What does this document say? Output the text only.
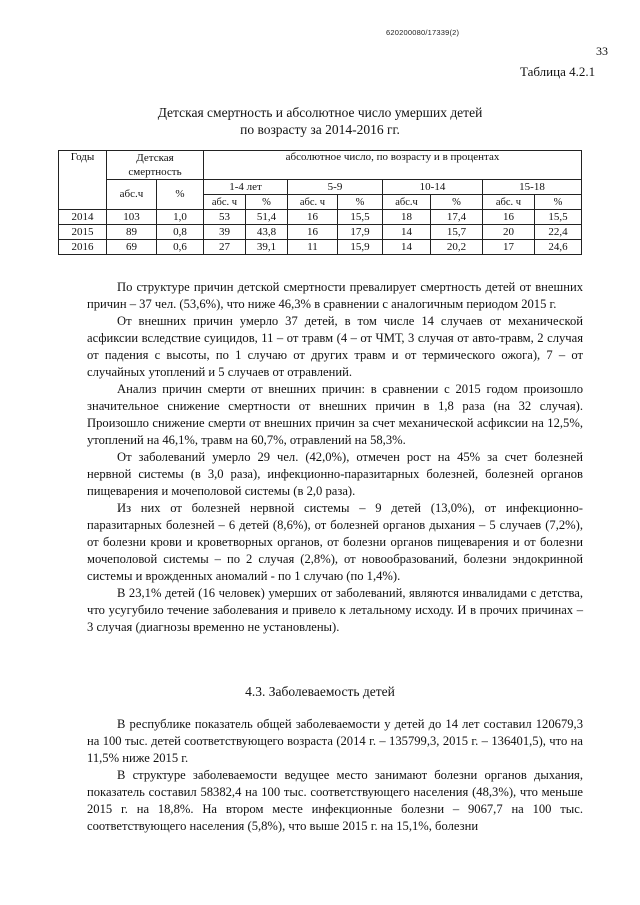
620200080/17339(2)
33
Таблица 4.2.1
Детская смертность и абсолютное число умерших детей
по возрасту за 2014-2016 гг.
Годы	Детская смертность		абсолютное число, по возрасту и в процентах							
	абс.ч	%	1-4 лет		5-9		10-14		15-18	
			абс. ч	%	абс. ч	%	абс.ч	%	абс. ч	%
2014	103	1,0	53	51,4	16	15,5	18	17,4	16	15,5
2015	89	0,8	39	43,8	16	17,9	14	15,7	20	22,4
2016	69	0,6	27	39,1	11	15,9	14	20,2	17	24,6

По структуре причин детской смертности превалирует смертность детей от внешних причин – 37 чел. (53,6%), что ниже 46,3% в сравнении с аналогичным периодом 2015 г.

От внешних причин умерло 37 детей, в том числе 14 случаев от механической асфиксии вследствие суицидов, 11 – от травм (4 – от ЧМТ, 3 случая от авто-травм, 2 случая от падения с высоты, по 1 случаю от других травм и от термического ожога), 7 – от случайных утоплений и 5 случаев от отравлений.

Анализ причин смерти от внешних причин: в сравнении с 2015 годом произошло значительное снижение смертности от внешних причин в 1,8 раза (на 32 случая). Произошло снижение смерти от внешних причин за счет механической асфиксии на 12,5%, утоплений на 46,1%, травм на 60,7%, отравлений на 58,3%.

От заболеваний умерло 29 чел. (42,0%), отмечен рост на 45% за счет болезней нервной системы (в 3,0 раза), инфекционно-паразитарных болезней, болезней органов пищеварения и мочеполовой системы (в 2,0 раза).

Из них от болезней нервной системы – 9 детей (13,0%), от инфекционно-паразитарных болезней – 6 детей (8,6%), от болезней органов дыхания – 5 случаев (7,2%), от болезни крови и кроветворных органов, от болезни органов пищеварения и от болезни мочеполовой системы – по 2 случая (2,8%), от новообразований, болезни эндокринной системы и врожденных аномалий - по 1 случаю (по 1,4%).

В 23,1% детей (16 человек) умерших от заболеваний, являются инвалидами с детства, что усугубило течение заболевания и привело к летальному исходу. И в прочих причинах – 3 случая (диагнозы временно не установлены).

4.3. Заболеваемость детей

В республике показатель общей заболеваемости у детей до 14 лет составил 120679,3 на 100 тыс. детей соответствующего возраста (2014 г. – 135799,3, 2015 г. – 136401,5), что на 11,5% ниже 2015 г.

В структуре заболеваемости ведущее место занимают болезни органов дыхания, показатель составил 58382,4 на 100 тыс. соответствующего населения (48,3%), что меньше 2015 г. на 18,8%. На втором месте инфекционные болезни – 9067,7 на 100 тыс. соответствующего населения (5,8%), что выше 2015 г. на 15,1%, болезни
